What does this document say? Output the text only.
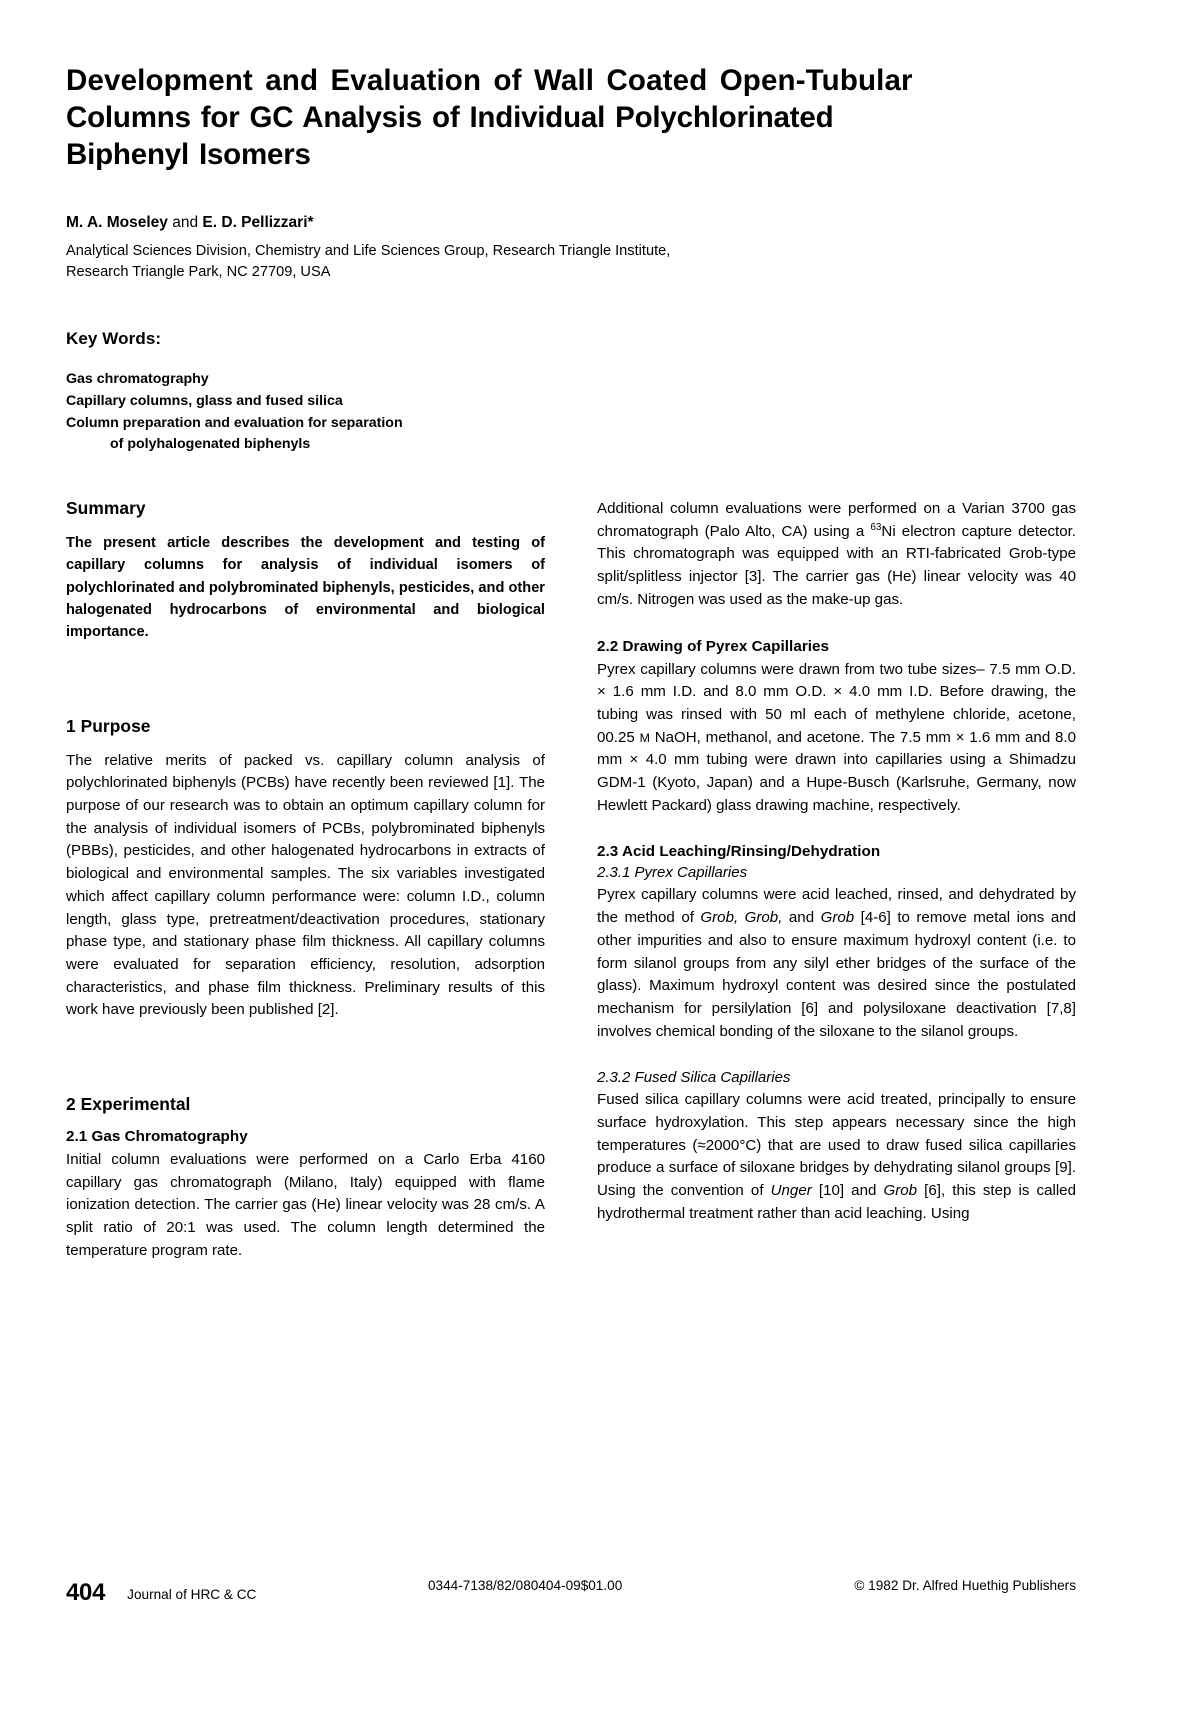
Development and Evaluation of Wall Coated Open-Tubular
Columns for GC Analysis of Individual Polychlorinated
Biphenyl Isomers
M. A. Moseley and E. D. Pellizzari*
Analytical Sciences Division, Chemistry and Life Sciences Group, Research Triangle Institute,
Research Triangle Park, NC 27709, USA
Key Words:
Gas chromatography
Capillary columns, glass and fused silica
Column preparation and evaluation for separation
of polyhalogenated biphenyls
Summary

The present article describes the development and testing of capillary columns for analysis of individual isomers of polychlorinated and polybrominated biphenyls, pesticides, and other halogenated hydrocarbons of environmental and biological importance.

1 Purpose

The relative merits of packed vs. capillary column analysis of polychlorinated biphenyls (PCBs) have recently been reviewed [1]. The purpose of our research was to obtain an optimum capillary column for the analysis of individual isomers of PCBs, polybrominated biphenyls (PBBs), pesticides, and other halogenated hydrocarbons in extracts of biological and environmental samples. The six variables investigated which affect capillary column performance were: column I.D., column length, glass type, pretreatment/deactivation procedures, stationary phase type, and stationary phase film thickness. All capillary columns were evaluated for separation efficiency, resolution, adsorption characteristics, and phase film thickness. Preliminary results of this work have previously been published [2].

2 Experimental
2.1 Gas Chromatography

Initial column evaluations were performed on a Carlo Erba 4160 capillary gas chromatograph (Milano, Italy) equipped with flame ionization detection. The carrier gas (He) linear velocity was 28 cm/s. A split ratio of 20:1 was used. The column length determined the temperature program rate.

Additional column evaluations were performed on a Varian 3700 gas chromatograph (Palo Alto, CA) using a $^{63}$Ni electron capture detector. This chromatograph was equipped with an RTI-fabricated Grob-type split/splitless injector [3]. The carrier gas (He) linear velocity was 40 cm/s. Nitrogen was used as the make-up gas.

2.2 Drawing of Pyrex Capillaries

Pyrex capillary columns were drawn from two tube sizes– 7.5 mm O.D. × 1.6 mm I.D. and 8.0 mm O.D. × 4.0 mm I.D. Before drawing, the tubing was rinsed with 50 ml each of methylene chloride, acetone, 00.25 M NaOH, methanol, and acetone. The 7.5 mm × 1.6 mm and 8.0 mm × 4.0 mm tubing were drawn into capillaries using a Shimadzu GDM-1 (Kyoto, Japan) and a Hupe-Busch (Karlsruhe, Germany, now Hewlett Packard) glass drawing machine, respectively.

2.3 Acid Leaching/Rinsing/Dehydration
2.3.1 Pyrex Capillaries

Pyrex capillary columns were acid leached, rinsed, and dehydrated by the method of Grob, Grob, and Grob [4-6] to remove metal ions and other impurities and also to ensure maximum hydroxyl content (i.e. to form silanol groups from any silyl ether bridges of the surface of the glass). Maximum hydroxyl content was desired since the postulated mechanism for persilylation [6] and polysiloxane deactivation [7,8] involves chemical bonding of the siloxane to the silanol groups.

2.3.2 Fused Silica Capillaries

Fused silica capillary columns were acid treated, principally to ensure surface hydroxylation. This step appears necessary since the high temperatures (≈2000°C) that are used to draw fused silica capillaries produce a surface of siloxane bridges by dehydrating silanol groups [9]. Using the convention of Unger [10] and Grob [6], this step is called hydrothermal treatment rather than acid leaching. Using

404 Journal of HRC & CC
0344-7138/82/080404-09$01.00	© 1982 Dr. Alfred Huethig Publishers
